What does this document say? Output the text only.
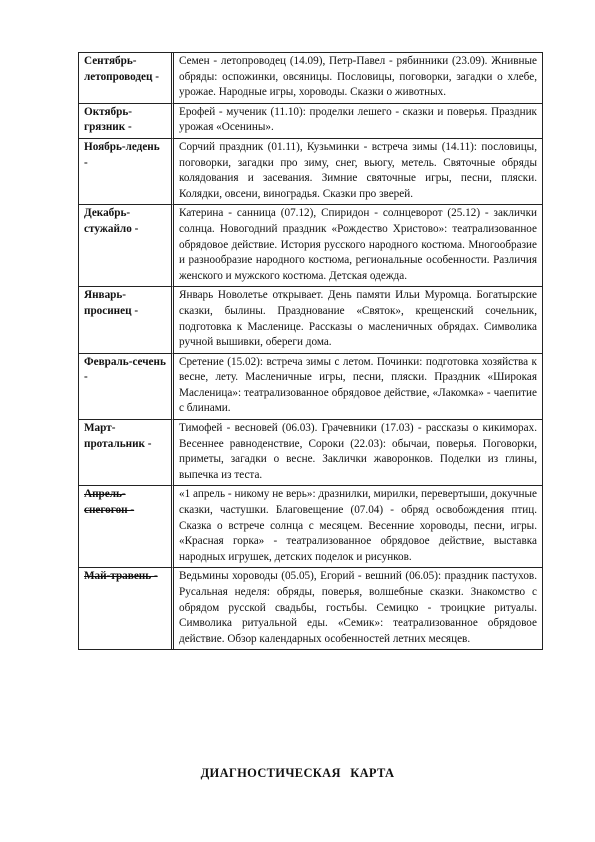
Сентябрь-летопроводец -	Семен - летопроводец (14.09), Петр-Павел - рябинники (23.09). Жнивные обряды: оспожинки, овсяницы. Пословицы, поговорки, загадки о хлебе, урожае. Народные игры, хороводы. Сказки о животных.
Октябрь-грязник -	Ерофей - мученик (11.10): проделки лешего - сказки и поверья. Праздник урожая «Осенины».
Ноябрь-ледень -	Сорчий праздник (01.11), Кузьминки - встреча зимы (14.11): пословицы, поговорки, загадки про зиму, снег, вьюгу, метель. Святочные обряды колядования и засевания. Зимние святочные игры, песни, пляски. Колядки, овсени, виноградья. Сказки про зверей.
Декабрь-стужайло -	Катерина - санница (07.12), Спиридон - солнцеворот (25.12) - заклички солнца. Новогодний праздник «Рождество Христово»: театрализованное обрядовое действие. История русского народного костюма. Многообразие и разнообразие народного костюма, региональные особенности. Различия женского и мужского костюма. Детская одежда.
Январь-просинец -	Январь Новолетье открывает. День памяти Ильи Муромца. Богатырские сказки, былины. Празднование «Святок», крещенский сочельник, подготовка к Масленице. Рассказы о масленичных обрядах. Символика ручной вышивки, обереги дома.
Февраль-сечень -	Сретение (15.02): встреча зимы с летом. Починки: подготовка хозяйства к весне, лету. Масленичные игры, песни, пляски. Праздник «Широкая Масленица»: театрализованное обрядовое действие, «Лакомка» - чаепитие с блинами.
Март-протальник -	Тимофей - весновей (06.03). Грачевники (17.03) - рассказы о кикиморах. Весеннее равноденствие, Сороки (22.03): обычаи, поверья. Поговорки, приметы, загадки о весне. Заклички жаворонков. Поделки из глины, выпечка из теста.
Апрель-снегогон -	«1 апрель - никому не верь»: дразнилки, мирилки, перевертыши, докучные сказки, частушки. Благовещение (07.04) - обряд освобождения птиц. Сказка о встрече солнца с месяцем. Весенние хороводы, песни, игры. «Красная горка» - театрализованное обрядовое действие, выставка народных игрушек, детских поделок и рисунков.
Май-травень -	Ведьмины хороводы (05.05), Егорий - вешний (06.05): праздник пастухов. Русальная неделя: обряды, поверья, волшебные сказки. Знакомство с обрядом русской свадьбы, гостьбы. Семицко - троицкие ритуалы. Символика ритуальной еды. «Семик»: театрализованное обрядовое действие. Обзор календарных особенностей летних месяцев.
ДИАГНОСТИЧЕСКАЯ КАРТА
